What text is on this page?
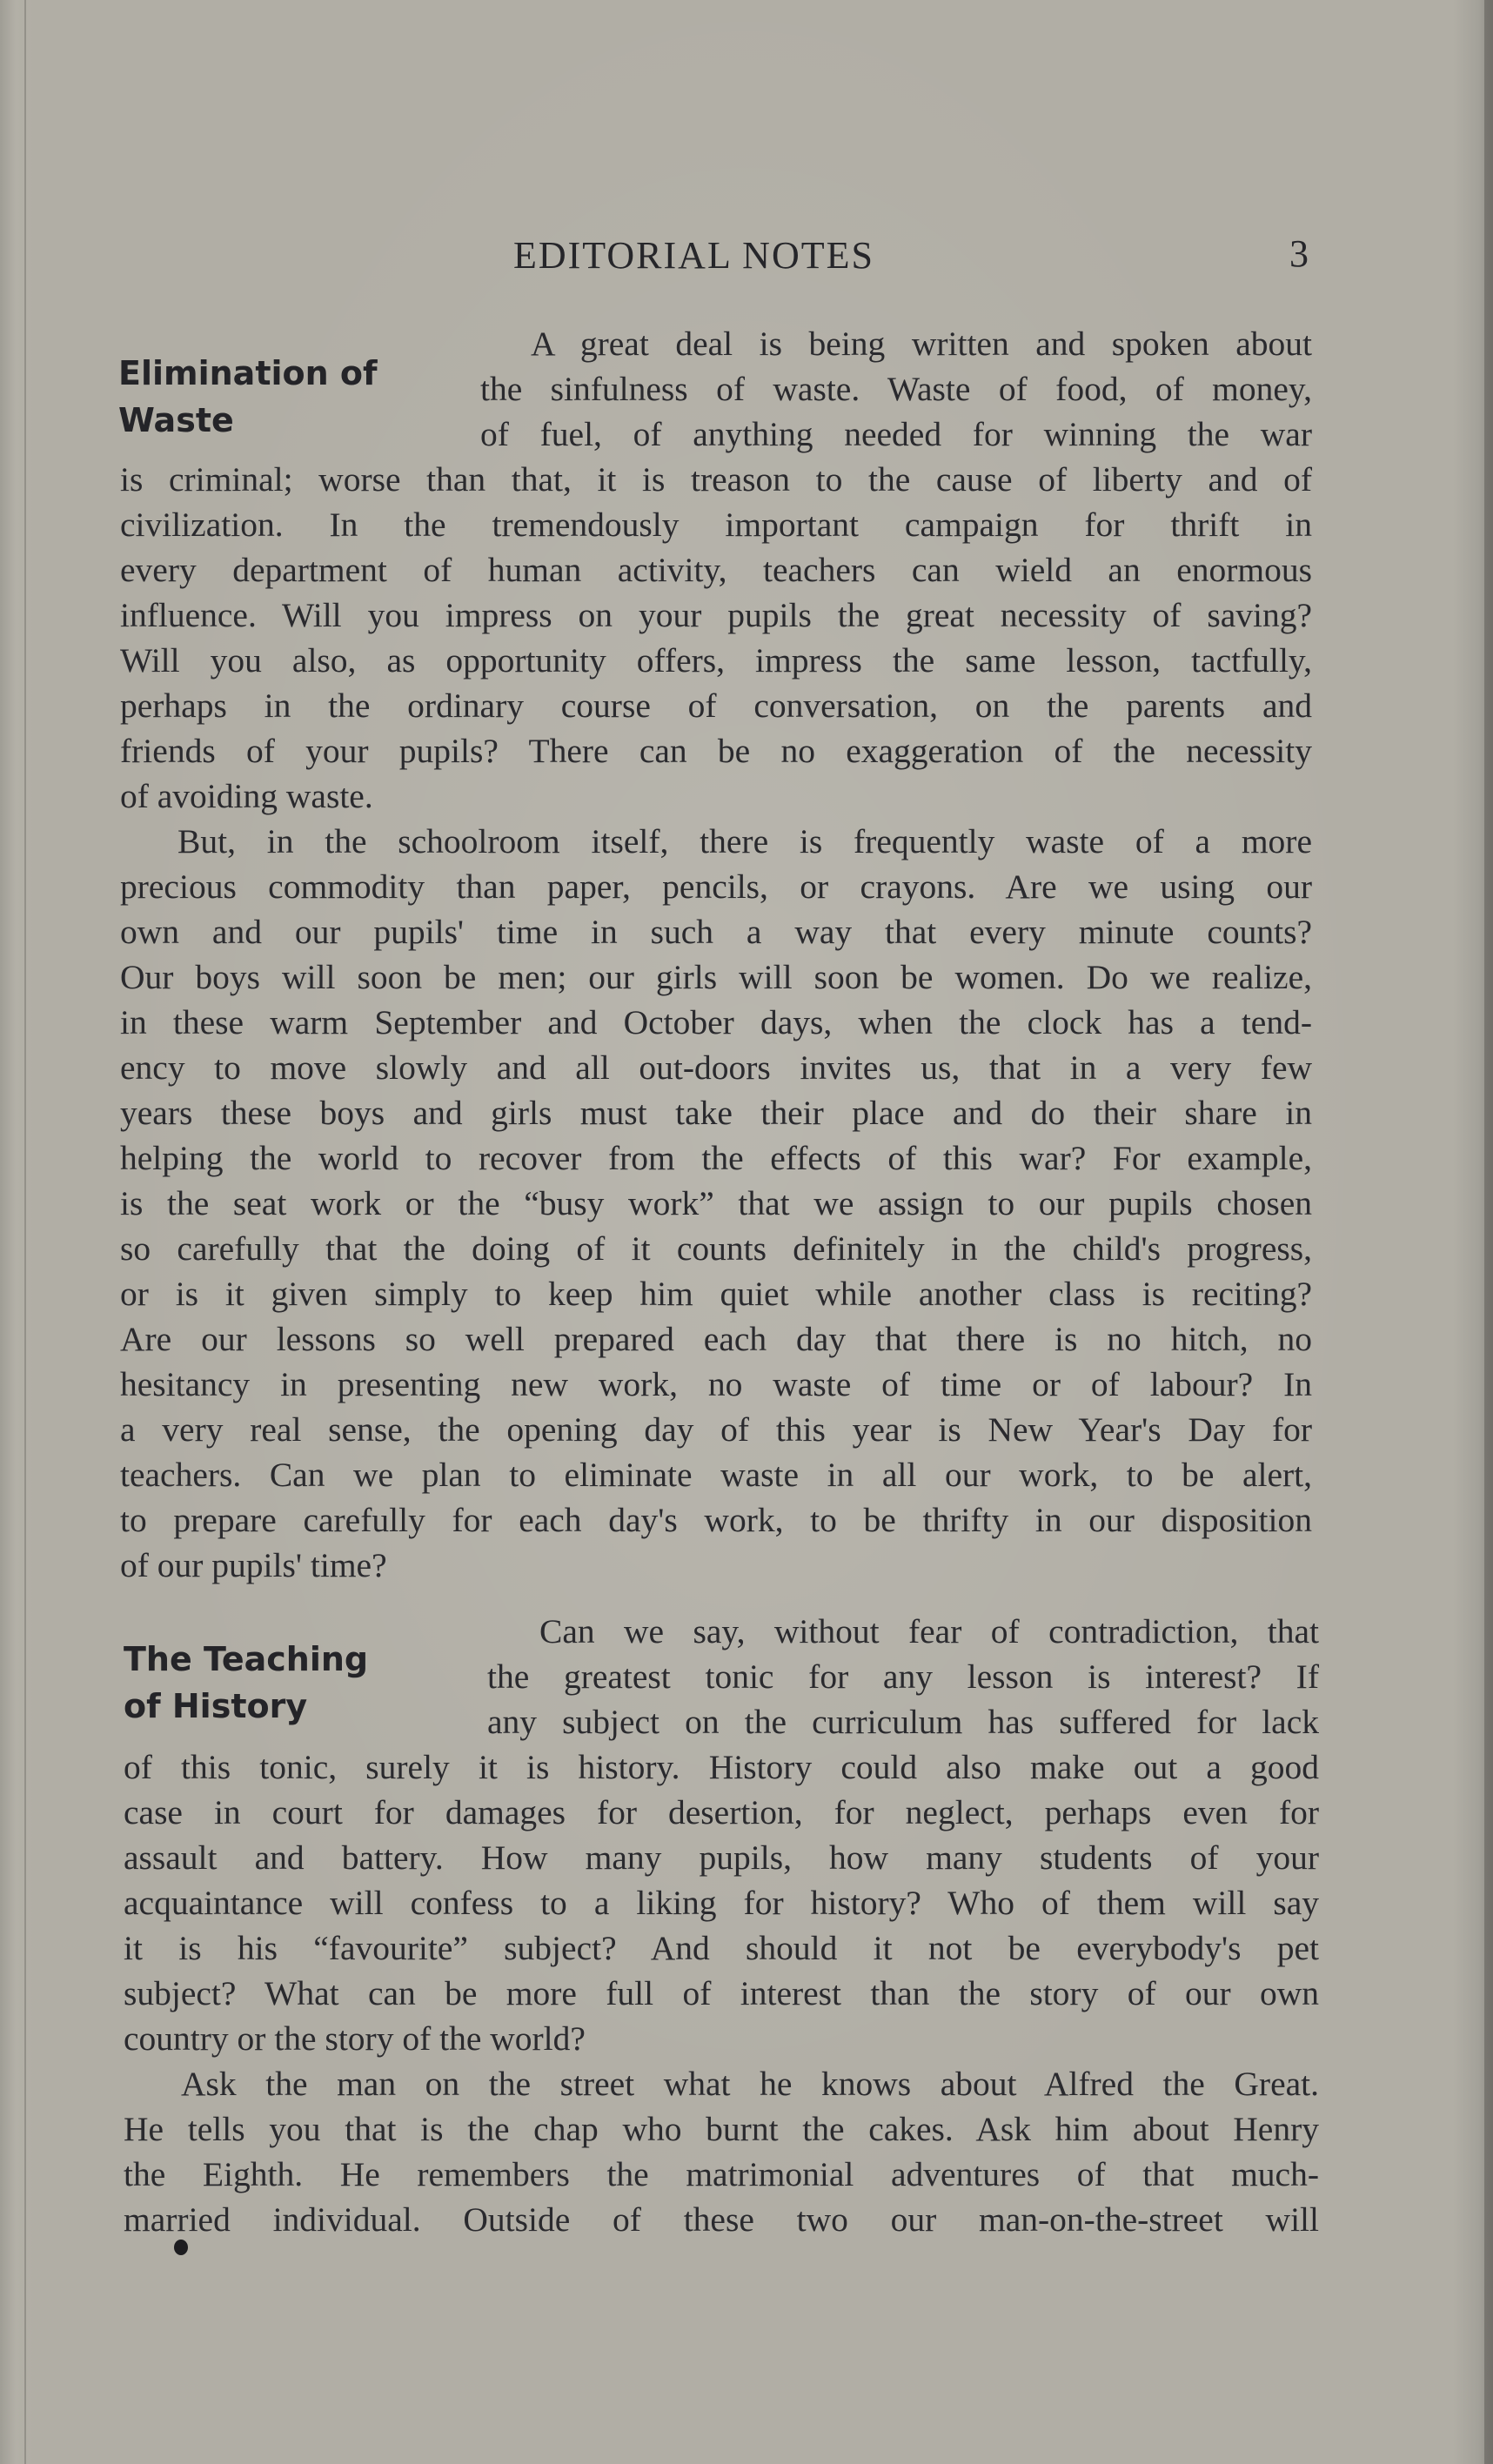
EDITORIAL NOTES	3
Elimination of
Waste
A great deal is being written and spoken about
the sinfulness of waste. Waste of food, of money,
of fuel, of anything needed for winning the war
is criminal; worse than that, it is treason to the cause of liberty and of
civilization. In the tremendously important campaign for thrift in
every department of human activity, teachers can wield an enormous
influence. Will you impress on your pupils the great necessity of saving?
Will you also, as opportunity offers, impress the same lesson, tactfully,
perhaps in the ordinary course of conversation, on the parents and
friends of your pupils? There can be no exaggeration of the necessity
of avoiding waste.
But, in the schoolroom itself, there is frequently waste of a more
precious commodity than paper, pencils, or crayons. Are we using our
own and our pupils' time in such a way that every minute counts?
Our boys will soon be men; our girls will soon be women. Do we realize,
in these warm September and October days, when the clock has a tend-
ency to move slowly and all out-doors invites us, that in a very few
years these boys and girls must take their place and do their share in
helping the world to recover from the effects of this war? For example,
is the seat work or the “busy work” that we assign to our pupils chosen
so carefully that the doing of it counts definitely in the child's progress,
or is it given simply to keep him quiet while another class is reciting?
Are our lessons so well prepared each day that there is no hitch, no
hesitancy in presenting new work, no waste of time or of labour? In
a very real sense, the opening day of this year is New Year's Day for
teachers. Can we plan to eliminate waste in all our work, to be alert,
to prepare carefully for each day's work, to be thrifty in our disposition
of our pupils' time?
The Teaching
of History
Can we say, without fear of contradiction, that
the greatest tonic for any lesson is interest? If
any subject on the curriculum has suffered for lack
of this tonic, surely it is history. History could also make out a good
case in court for damages for desertion, for neglect, perhaps even for
assault and battery. How many pupils, how many students of your
acquaintance will confess to a liking for history? Who of them will say
it is his “favourite” subject? And should it not be everybody's pet
subject? What can be more full of interest than the story of our own
country or the story of the world?
Ask the man on the street what he knows about Alfred the Great.
He tells you that is the chap who burnt the cakes. Ask him about Henry
the Eighth. He remembers the matrimonial adventures of that much-
married individual. Outside of these two our man-on-the-street will
